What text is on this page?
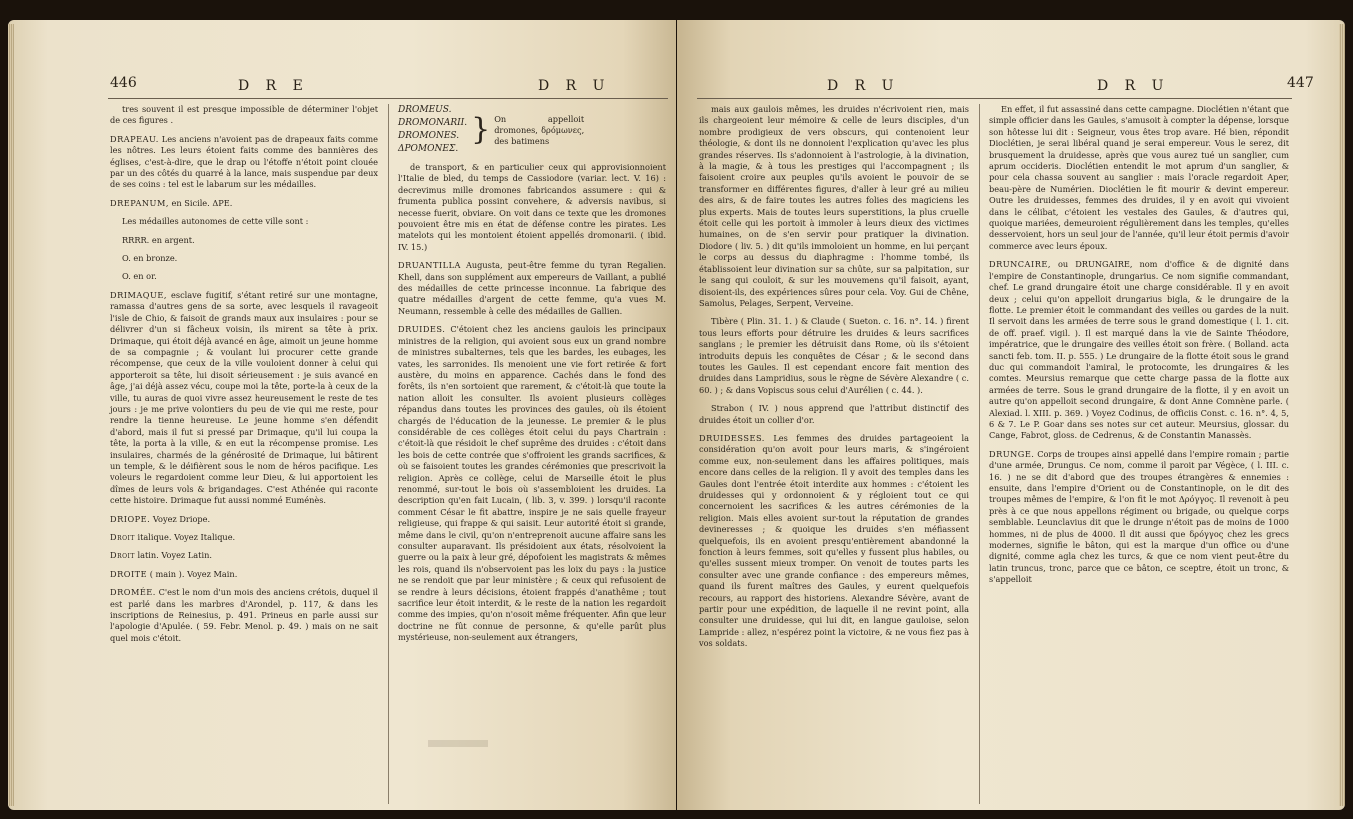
446	D R E	D R U

tres souvent il est presque impossible de déterminer l'objet de ces figures .

DRAPEAU. Les anciens n'avoient pas de drapeaux faits comme les nôtres. Les leurs étoient faits comme des bannières des églises, c'est-à-dire, que le drap ou l'étoffe n'étoit point clouée par un des côtés du quarré à la lance, mais suspendue par deux de ses coins : tel est le labarum sur les médailles.

DREPANUM, en Sicile. ΔΡΕ.

Les médailles autonomes de cette ville sont :

RRRR. en argent.

O. en bronze.

O. en or.

DRIMAQUE, esclave fugitif, s'étant retiré sur une montagne, ramassa d'autres gens de sa sorte, avec lesquels il ravageoit l'isle de Chio, & faisoit de grands maux aux insulaires : pour se délivrer d'un si fâcheux voisin, ils mirent sa tête à prix. Drimaque, qui étoit déjà avancé en âge, aimoit un jeune homme de sa compagnie ; & voulant lui procurer cette grande récompense, que ceux de la ville vouloient donner à celui qui apporteroit sa tête, lui disoit sérieusement : je suis avancé en âge, j'ai déjà assez vécu, coupe moi la tête, porte-la à ceux de la ville, tu auras de quoi vivre assez heureusement le reste de tes jours : je me prive volontiers du peu de vie qui me reste, pour rendre la tienne heureuse. Le jeune homme s'en défendit d'abord, mais il fut si pressé par Drimaque, qu'il lui coupa la tête, la porta à la ville, & en eut la récompense promise. Les insulaires, charmés de la générosité de Drimaque, lui bâtirent un temple, & le déifièrent sous le nom de héros pacifique. Les voleurs le regardoient comme leur Dieu, & lui apportoient les dîmes de leurs vols & brigandages. C'est Athénée qui raconte cette histoire. Drimaque fut aussi nommé Euménès.

DRIOPE. Voyez Driope.

Droit italique. Voyez Italique.

Droit latin. Voyez Latin.

DROITE ( main ). Voyez Main.

DROMÉE. C'est le nom d'un mois des anciens crétois, duquel il est parlé dans les marbres d'Arondel, p. 117, & dans les inscriptions de Reinesius, p. 491. Prineus en parle aussi sur l'apologie d'Apulée. ( 59. Febr. Menol. p. 49. ) mais on ne sait quel mois c'étoit.

DROMEUS.
DROMONARII.
DROMONES.
ΔΡΟΜΟΝΕΣ.
} On appelloit dromones, δρόμωνες, des batimens

de transport, & en particulier ceux qui approvisionnoient l'Italie de bled, du temps de Cassiodore (variar. lect. V. 16) : decrevimus mille dromones fabricandos assumere : qui & frumenta publica possint convehere, & adversis navibus, si necesse fuerit, obviare. On voit dans ce texte que les dromones pouvoient être mis en état de défense contre les pirates. Les matelots qui les montoient étoient appellés dromonarii. ( ibid. IV. 15.)

DRUANTILLA Augusta, peut-être femme du tyran Regalien. Khell, dans son supplément aux empereurs de Vaillant, a publié des médailles de cette princesse inconnue. La fabrique des quatre médailles d'argent de cette femme, qu'a vues M. Neumann, ressemble à celle des médailles de Gallien.

DRUIDES. C'étoient chez les anciens gaulois les principaux ministres de la religion, qui avoient sous eux un grand nombre de ministres subalternes, tels que les bardes, les eubages, les vates, les sarronides. Ils menoient une vie fort retirée & fort austère, du moins en apparence. Cachés dans le fond des forêts, ils n'en sortoient que rarement, & c'étoit-là que toute la nation alloit les consulter. Ils avoient plusieurs collèges répandus dans toutes les provinces des gaules, où ils étoient chargés de l'éducation de la jeunesse. Le premier & le plus considérable de ces collèges étoit celui du pays Chartrain : c'étoit-là que résidoit le chef suprême des druides : c'étoit dans les bois de cette contrée que s'offroient les grands sacrifices, & où se faisoient toutes les grandes cérémonies que prescrivoit la religion. Après ce collège, celui de Marseille étoit le plus renommé, sur-tout le bois où s'assembloient les druides. La description qu'en fait Lucain, ( lib. 3, v. 399. ) lorsqu'il raconte comment César le fit abattre, inspire je ne sais quelle frayeur religieuse, qui frappe & qui saisit. Leur autorité étoit si grande, même dans le civil, qu'on n'entreprenoit aucune affaire sans les consulter auparavant. Ils présidoient aux états, résolvoient la guerre ou la paix à leur gré, dépofoient les magistrats & mêmes les rois, quand ils n'observoient pas les loix du pays : la justice ne se rendoit que par leur ministère ; & ceux qui refusoient de se rendre à leurs décisions, étoient frappés d'anathême ; tout sacrifice leur étoit interdit, & le reste de la nation les regardoit comme des impies, qu'on n'osoit même fréquenter. Afin que leur doctrine ne fût connue de personne, & qu'elle parût plus mystérieuse, non-seulement aux étrangers,

D R U	D R U	447

mais aux gaulois mêmes, les druides n'écrivoient rien, mais ils chargeoient leur mémoire & celle de leurs disciples, d'un nombre prodigieux de vers obscurs, qui contenoient leur théologie, & dont ils ne donnoient l'explication qu'avec les plus grandes réserves. Ils s'adonnoient à l'astrologie, à la divination, à la magie, & à tous les prestiges qui l'accompagnent ; ils faisoient croire aux peuples qu'ils avoient le pouvoir de se transformer en différentes figures, d'aller à leur gré au milieu des airs, & de faire toutes les autres folies des magiciens les plus experts. Mais de toutes leurs superstitions, la plus cruelle étoit celle qui les portoit à immoler à leurs dieux des victimes humaines, on de s'en servir pour pratiquer la divination. Diodore ( liv. 5. ) dit qu'ils immoloient un homme, en lui perçant le corps au dessus du diaphragme : l'homme tombé, ils établissoient leur divination sur sa chûte, sur sa palpitation, sur le sang qui couloit, & sur les mouvemens qu'il faisoit, ayant, disoient-ils, des expériences sûres pour cela. Voy. Gui de Chêne, Samolus, Pelages, Serpent, Verveine.

Tibère ( Plin. 31. 1. ) & Claude ( Sueton. c. 16. n°. 14. ) firent tous leurs efforts pour détruire les druides & leurs sacrifices sanglans ; le premier les détruisit dans Rome, où ils s'étoient introduits depuis les conquêtes de César ; & le second dans toutes les Gaules. Il est cependant encore fait mention des druides dans Lampridius, sous le règne de Sévère Alexandre ( c. 60. ) ; & dans Vopiscus sous celui d'Aurélien ( c. 44. ).

Strabon ( IV. ) nous apprend que l'attribut distinctif des druides étoit un collier d'or.

DRUIDESSES. Les femmes des druides partageoient la considération qu'on avoit pour leurs maris, & s'ingéroient comme eux, non-seulement dans les affaires politiques, mais encore dans celles de la religion. Il y avoit des temples dans les Gaules dont l'entrée étoit interdite aux hommes : c'étoient les druidesses qui y ordonnoient & y régloient tout ce qui concernoient les sacrifices & les autres cérémonies de la religion. Mais elles avoient sur-tout la réputation de grandes devineresses ; & quoique les druides s'en méfiassent quelquefois, ils en avoient presqu'entièrement abandonné la fonction à leurs femmes, soit qu'elles y fussent plus habiles, ou qu'elles sussent mieux tromper. On venoit de toutes parts les consulter avec une grande confiance : des empereurs mêmes, quand ils furent maîtres des Gaules, y eurent quelquefois recours, au rapport des historiens. Alexandre Sévère, avant de partir pour une expédition, de laquelle il ne revint point, alla consulter une druidesse, qui lui dit, en langue gauloise, selon Lampride : allez, n'espérez point la victoire, & ne vous fiez pas à vos soldats.

En effet, il fut assassiné dans cette campagne. Dioclétien n'étant que simple officier dans les Gaules, s'amusoit à compter la dépense, lorsque son hôtesse lui dit : Seigneur, vous êtes trop avare. Hé bien, répondit Dioclétien, je serai libéral quand je serai empereur. Vous le serez, dit brusquement la druidesse, après que vous aurez tué un sanglier, cum aprum occideris. Dioclétien entendit le mot aprum d'un sanglier, & pour cela chassa souvent au sanglier : mais l'oracle regardoit Aper, beau-père de Numérien. Dioclétien le fit mourir & devint empereur. Outre les druidesses, femmes des druides, il y en avoit qui vivoient dans le célibat, c'étoient les vestales des Gaules, & d'autres qui, quoique mariées, demeuroient régulièrement dans les temples, qu'elles desservoient, hors un seul jour de l'année, qu'il leur étoit permis d'avoir commerce avec leurs époux.

DRUNCAIRE, ou DRUNGAIRE, nom d'office & de dignité dans l'empire de Constantinople, drungarius. Ce nom signifie commandant, chef. Le grand drungaire étoit une charge considérable. Il y en avoit deux ; celui qu'on appelloit drungarius bigla, & le drungaire de la flotte. Le premier étoit le commandant des veilles ou gardes de la nuit. Il servoit dans les armées de terre sous le grand domestique ( l. 1. cit. de off. praef. vigil. ). Il est marqué dans la vie de Sainte Théodore, impératrice, que le drungaire des veilles étoit son frère. ( Bolland. acta sancti feb. tom. II. p. 555. ) Le drungaire de la flotte étoit sous le grand duc qui commandoit l'amiral, le protocomte, les drungaires & les comtes. Meursius remarque que cette charge passa de la flotte aux armées de terre. Sous le grand drungaire de la flotte, il y en avoit un autre qu'on appelloit second drungaire, & dont Anne Comnène parle. ( Alexiad. l. XIII. p. 369. ) Voyez Codinus, de officiis Const. c. 16. n°. 4, 5, 6 & 7. Le P. Goar dans ses notes sur cet auteur. Meursius, glossar. du Cange, Fabrot, gloss. de Cedrenus, & de Constantin Manassès.

DRUNGE. Corps de troupes ainsi appellé dans l'empire romain ; partie d'une armée, Drungus. Ce nom, comme il paroit par Végèce, ( l. III. c. 16. ) ne se dit d'abord que des troupes étrangères & ennemies : ensuite, dans l'empire d'Orient ou de Constantinople, on le dit des troupes mêmes de l'empire, & l'on fit le mot Δρόγγος. Il revenoit à peu près à ce que nous appellons régiment ou brigade, ou quelque corps semblable. Leunclavius dit que le drunge n'étoit pas de moins de 1000 hommes, ni de plus de 4000. Il dit aussi que δρόγγος chez les grecs modernes, signifie le bâton, qui est la marque d'un office ou d'une dignité, comme agla chez les turcs, & que ce nom vient peut-être du latin truncus, tronc, parce que ce bâton, ce sceptre, étoit un tronc, & s'appelloit
